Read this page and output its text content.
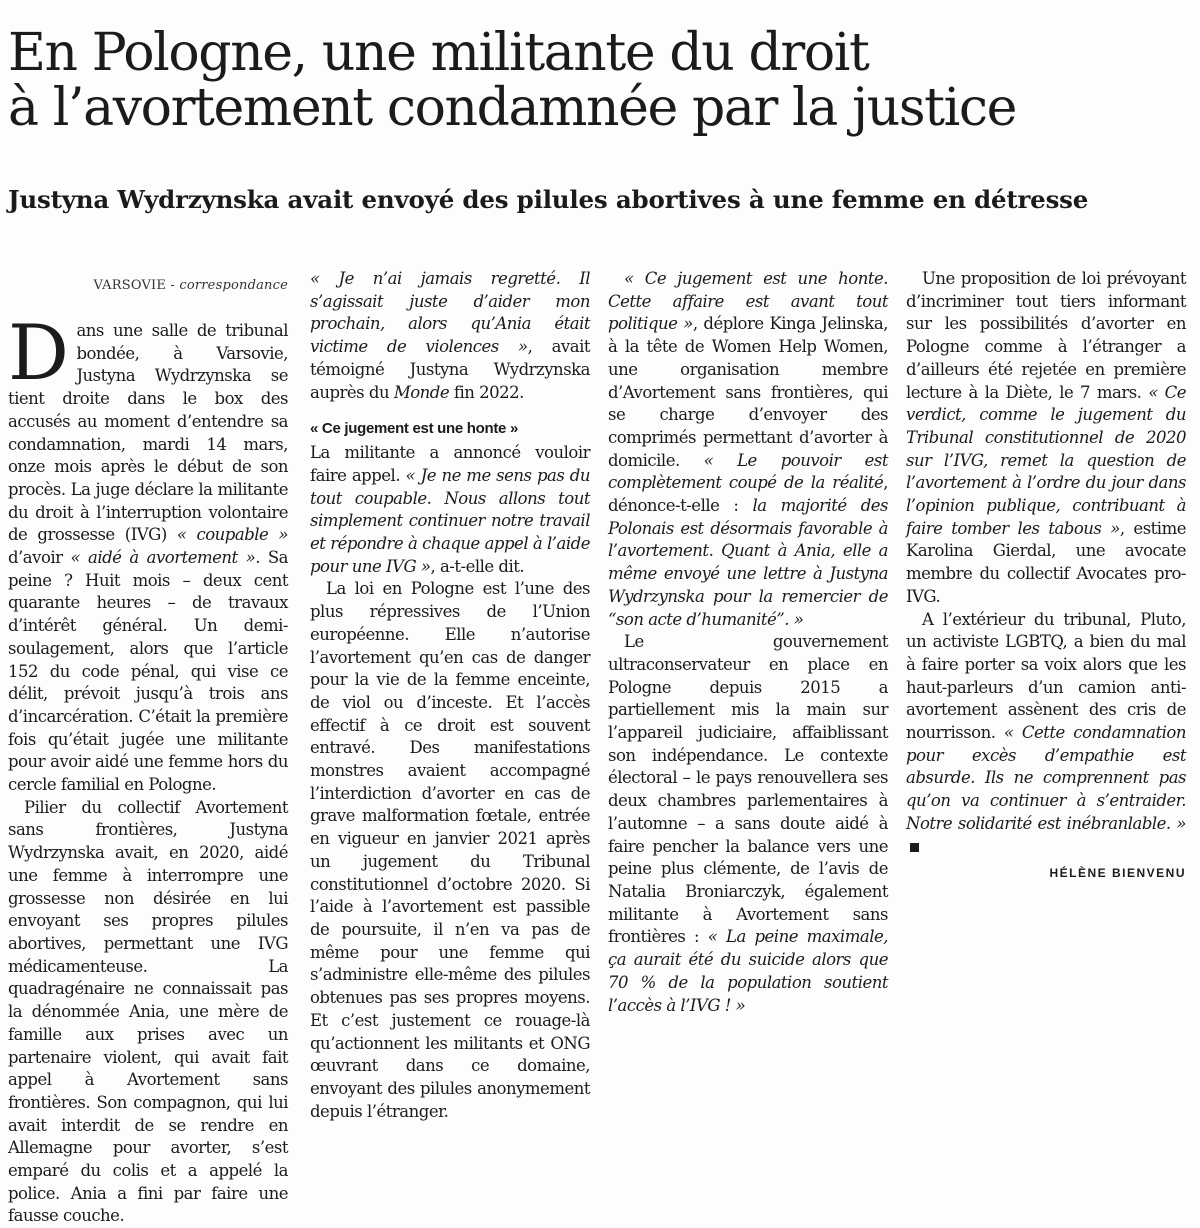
En Pologne, une militante du droit
à l’avortement condamnée par la justice
Justyna Wydrzynska avait envoyé des pilules abortives à une femme en détresse
VARSOVIE - correspondance

Dans une salle de tribunal bondée, à Varsovie, Justyna Wydrzynska se tient droite dans le box des accusés au moment d’entendre sa condamnation, mardi 14 mars, onze mois après le début de son procès. La juge déclare la militante du droit à l’interruption volontaire de grossesse (IVG) « coupable » d’avoir « aidé à avortement ». Sa peine ? Huit mois – deux cent quarante heures – de travaux d’intérêt général. Un demi-soulagement, alors que l’article 152 du code pénal, qui vise ce délit, prévoit jusqu’à trois ans d’incarcération. C’était la première fois qu’était jugée une militante pour avoir aidé une femme hors du cercle familial en Pologne.

Pilier du collectif Avortement sans frontières, Justyna Wydrzynska avait, en 2020, aidé une femme à interrompre une grossesse non désirée en lui envoyant ses propres pilules abortives, permettant une IVG médicamenteuse. La quadragénaire ne connaissait pas la dénommée Ania, une mère de famille aux prises avec un partenaire violent, qui avait fait appel à Avortement sans frontières. Son compagnon, qui lui avait interdit de se rendre en Allemagne pour avorter, s’est emparé du colis et a appelé la police. Ania a fini par faire une fausse couche.

« Je n’ai jamais regretté. Il s’agissait juste d’aider mon prochain, alors qu’Ania était victime de violences », avait témoigné Justyna Wydrzynska auprès du Monde fin 2022.

« Ce jugement est une honte »

La militante a annoncé vouloir faire appel. « Je ne me sens pas du tout coupable. Nous allons tout simplement continuer notre travail et répondre à chaque appel à l’aide pour une IVG », a-t-elle dit.

La loi en Pologne est l’une des plus répressives de l’Union européenne. Elle n’autorise l’avortement qu’en cas de danger pour la vie de la femme enceinte, de viol ou d’inceste. Et l’accès effectif à ce droit est souvent entravé. Des manifestations monstres avaient accompagné l’interdiction d’avorter en cas de grave malformation fœtale, entrée en vigueur en janvier 2021 après un jugement du Tribunal constitutionnel d’octobre 2020. Si l’aide à l’avortement est passible de poursuite, il n’en va pas de même pour une femme qui s’administre elle-même des pilules obtenues pas ses propres moyens. Et c’est justement ce rouage-là qu’actionnent les militants et ONG œuvrant dans ce domaine, envoyant des pilules anonymement depuis l’étranger.

« Ce jugement est une honte. Cette affaire est avant tout politique », déplore Kinga Jelinska, à la tête de Women Help Women, une organisation membre d’Avortement sans frontières, qui se charge d’envoyer des comprimés permettant d’avorter à domicile. « Le pouvoir est complètement coupé de la réalité, dénonce-t-elle : la majorité des Polonais est désormais favorable à l’avortement. Quant à Ania, elle a même envoyé une lettre à Justyna Wydrzynska pour la remercier de “son acte d’humanité”. »

Le gouvernement ultraconservateur en place en Pologne depuis 2015 a partiellement mis la main sur l’appareil judiciaire, affaiblissant son indépendance. Le contexte électoral – le pays renouvellera ses deux chambres parlementaires à l’automne – a sans doute aidé à faire pencher la balance vers une peine plus clémente, de l’avis de Natalia Broniarczyk, également militante à Avortement sans frontières : « La peine maximale, ça aurait été du suicide alors que 70 % de la population soutient l’accès à l’IVG ! »

Une proposition de loi prévoyant d’incriminer tout tiers informant sur les possibilités d’avorter en Pologne comme à l’étranger a d’ailleurs été rejetée en première lecture à la Diète, le 7 mars. « Ce verdict, comme le jugement du Tribunal constitutionnel de 2020 sur l’IVG, remet la question de l’avortement à l’ordre du jour dans l’opinion publique, contribuant à faire tomber les tabous », estime Karolina Gierdal, une avocate membre du collectif Avocates pro-IVG.

A l’extérieur du tribunal, Pluto, un activiste LGBTQ, a bien du mal à faire porter sa voix alors que les haut-parleurs d’un camion anti-avortement assènent des cris de nourrisson. « Cette condamnation pour excès d’empathie est absurde. Ils ne comprennent pas qu’on va continuer à s’entraider. Notre solidarité est inébranlable. »

HÉLÈNE BIENVENU
